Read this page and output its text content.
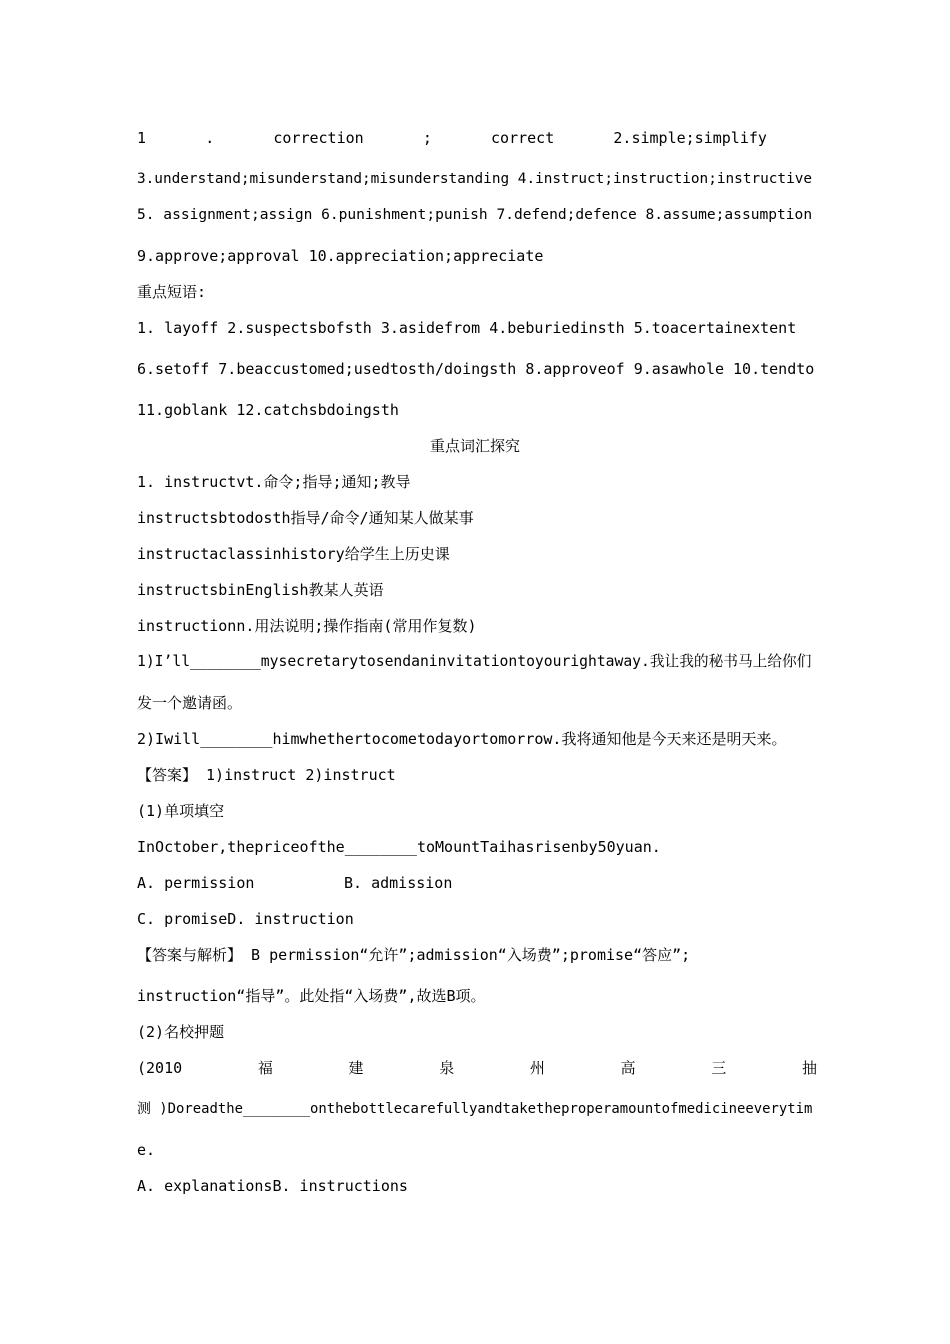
1	.	correction	;	correct	2.simple;simplify
3.understand;misunderstand;misunderstanding 4.instruct;instruction;instructive
5. assignment;assign 6.punishment;punish 7.defend;defence 8.assume;assumption
9.approve;approval 10.appreciation;appreciate
重点短语:
1. layoff 2.suspectsbofsth 3.asidefrom 4.beburiedinsth 5.toacertainextent
6.setoff 7.beaccustomed;usedtosth/doingsth 8.approveof 9.asawhole 10.tendto
11.goblank 12.catchsbdoingsth
重点词汇探究
1. instructvt.命令;指导;通知;教导
instructsbtodosth指导/命令/通知某人做某事
instructaclassinhistory给学生上历史课
instructsbinEnglish教某人英语
instructionn.用法说明;操作指南(常用作复数)
1)I’ll________mysecretarytosendaninvitationtoyourightaway.我让我的秘书马上给你们
发一个邀请函。
2)Iwill________himwhethertocometodayortomorrow.我将通知他是今天来还是明天来。
【答案】 1)instruct 2)instruct
(1)单项填空
InOctober,thepriceofthe________toMountTaihasrisenby50yuan.
A. permission	B. admission
C. promiseD. instruction
【答案与解析】 B permission“允许”;admission“入场费”;promise“答应”;
instruction“指导”。此处指“入场费”,故选B项。
(2)名校押题
(2010	福	建	泉	州	高	三	抽
测 )Doreadthe________onthebottlecarefullyandtaketheproperamountofmedicineeverytim
e.
A. explanationsB. instructions
